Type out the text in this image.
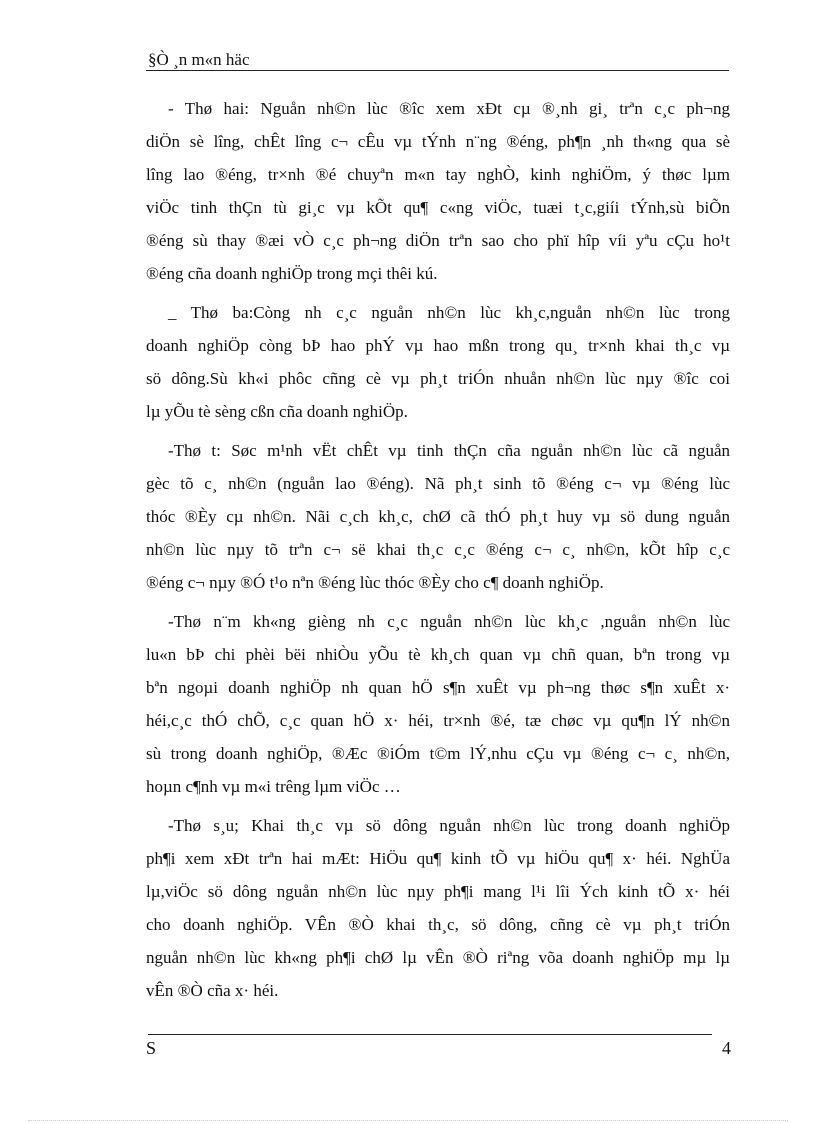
§Ò ¸n m«n häc
- Thø hai: Nguån nh©n lùc ®îc xem xÐt cµ ®¸nh gi¸ trªn c¸c ph¬ng
diÖn sè lîng, chÊt lîng c¬ cÊu vµ tÝnh n¨ng ®éng, ph¶n ¸nh th«ng qua sè
lîng lao ®éng, tr×nh ®é chuyªn m«n tay nghÒ, kinh nghiÖm, ý thøc lµm
viÖc tinh thÇn tù gi¸c vµ kÕt qu¶ c«ng viÖc, tuæi t¸c,giíi tÝnh,sù biÕn
®éng sù thay ®æi vÒ c¸c ph¬ng diÖn trªn sao cho phï hîp víi yªu cÇu ho¹t
®éng cña doanh nghiÖp trong mçi thêi kú.
_ Thø ba:Còng nh c¸c nguån nh©n lùc kh¸c,nguån nh©n lùc trong
doanh nghiÖp còng bÞ hao phÝ vµ hao mßn trong qu¸ tr×nh khai th¸c vµ
sö dông.Sù kh«i phôc cñng cè vµ ph¸t triÓn nhuån nh©n lùc nµy ®îc coi
lµ yÕu tè sèng cßn cña doanh nghiÖp.
-Thø t: Søc m¹nh vËt chÊt vµ tinh thÇn cña nguån nh©n lùc cã nguån
gèc tõ c¸ nh©n (nguån lao ®éng). Nã ph¸t sinh tõ ®éng c¬ vµ ®éng lùc
thóc ®Èy cµ nh©n. Nãi c¸ch kh¸c, chØ cã thÓ ph¸t huy vµ sö dung nguån
nh©n lùc nµy tõ trªn c¬ së khai th¸c c¸c ®éng c¬ c¸ nh©n, kÕt hîp c¸c
®éng c¬ nµy ®Ó t¹o nªn ®éng lùc thóc ®Èy cho c¶ doanh nghiÖp.
-Thø n¨m kh«ng gièng nh c¸c nguån nh©n lùc kh¸c ,nguån nh©n lùc
lu«n bÞ chi phèi bëi nhiÒu yÕu tè kh¸ch quan vµ chñ quan, bªn trong vµ
bªn ngoµi doanh nghiÖp nh quan hÖ s¶n xuÊt vµ ph¬ng thøc s¶n xuÊt x·
héi,c¸c thÓ chÕ, c¸c quan hÖ x· héi, tr×nh ®é, tæ chøc vµ qu¶n lÝ nh©n
sù trong doanh nghiÖp, ®Æc ®iÓm t©m lÝ,nhu cÇu vµ ®éng c¬ c¸ nh©n,
hoµn c¶nh vµ m«i trêng lµm viÖc …
-Thø s¸u; Khai th¸c vµ sö dông nguån nh©n lùc trong doanh nghiÖp
ph¶i xem xÐt trªn hai mÆt: HiÖu qu¶ kinh tÕ vµ hiÖu qu¶ x· héi. NghÜa
lµ,viÖc sö dông nguån nh©n lùc nµy ph¶i mang l¹i lîi Ých kinh tÕ x· héi
cho doanh nghiÖp. VÊn ®Ò khai th¸c, sö dông, cñng cè vµ ph¸t triÓn
nguån nh©n lùc kh«ng ph¶i chØ lµ vÊn ®Ò riªng võa doanh nghiÖp mµ lµ
vÊn ®Ò cña x· héi.
S	4
